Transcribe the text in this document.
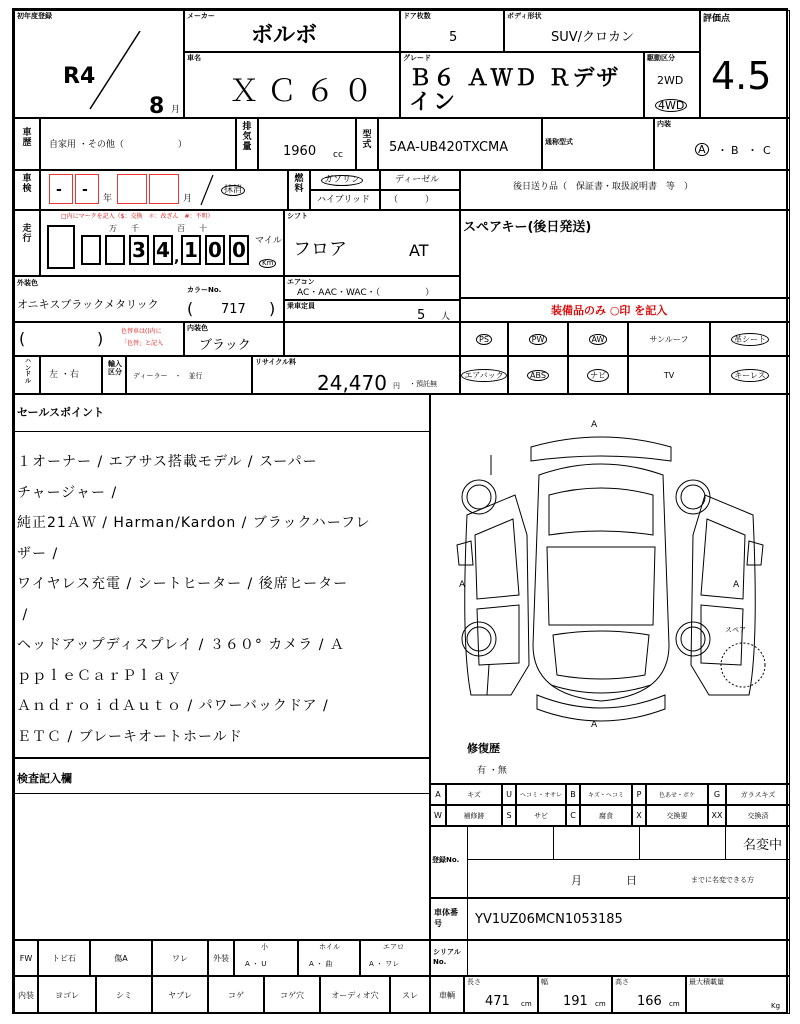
初年度登録
R4
8 月
メーカー
ボルボ
ドア枚数
5
ボディ形状
SUV/クロカン
評価点
4.5
車名
ＸＣ６０
グレード
Ｂ６ ＡＷＤ Ｒデザイン
駆動区分
2WD
4WD
車歴 自家用 ・その他（　　　　　　）
排気量 1960 cc
型式 5AA-UB420TXCMA	通称型式
内装
A ・ B ・ C
車検 - -
年	月
抹消
燃料
ガソリン	ディーゼル
ハイブリッド （　　　）
後日送り品（　保証書・取扱説明書　等　）
走行
□内にマークを記入（$：交換　＊：改ざん　#：不明）
万 千	百 十
3 4 , 1 0 0	マイル
Km
シフト
フロア	AT
スペアキー(後日発送)
外装色
オニキスブラックメタリック
カラーNo.
( 717 )
エアコン
AC・AAC・WAC・（　　　　　）
乗車定員
5 人	装備品のみ ○印 を記入
(	)	色替車は()内に
「色替」と記入
内装色
ブラック	PS	PW	AW	サンルーフ	革シート
ハンドル
左 ・右
輸入区分
ディーラー　・　並行
リサイクル料
24,470 円 ・預託無
エアバック	ABS	ナビ	TV	キーレス
セールスポイント
１オーナー / エアサス搭載モデル / スーパー
チャージャー /
純正21ＡＷ / Harman/Kardon / ブラックハーフレ
ザー /
ワイヤレス充電 / シートヒーター / 後席ヒーター
/
ヘッドアップディスプレイ / ３６０° カメラ / Ａ
ｐｐｌｅＣａｒＰｌａｙ
ＡｎｄｒｏｉｄＡｕｔｏ / パワーバックドア /
ＥＴＣ / ブレーキオートホールド
検査記入欄
A
A	A
A
スペア
修復歴
有 ・無
A	キズ	U	ヘコミ・オサレ	B	キズ・ヘコミ	P	色あせ・ボケ	G	ガラスキズ
W	補修跡	S	サビ	C	腐食	X	交換要	XX	交換済
登録No.
名変中
月　　　　日	までに名変できる方
車体番号	YV1UZ06MCN1053185
FW	トビ石	傷A	ワレ	外装
小
A ・ U
ホイル
A ・ 曲
エアロ
A ・ ワレ
シリアルNo.
内装	ヨゴレ	シミ	ヤブレ	コゲ	コゲ穴	オーディオ穴	スレ	車輌
長さ
471 cm
幅
191 cm
高さ
166 cm
最大積載量
Kg
